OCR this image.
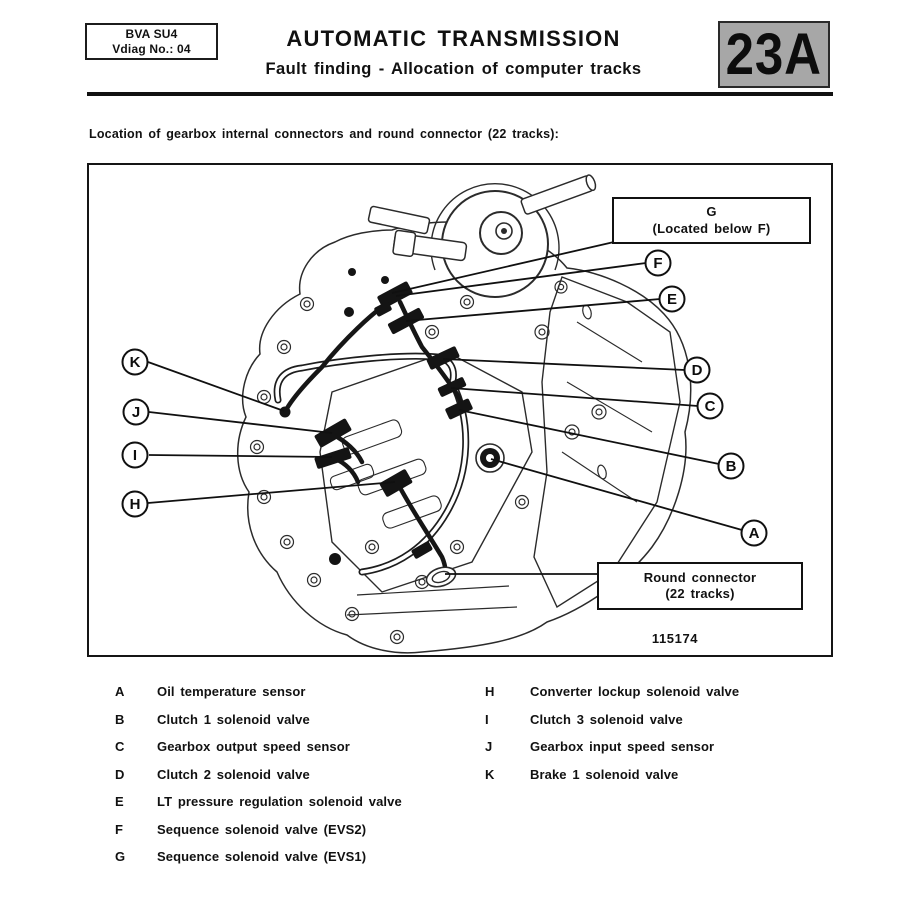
BVA SU4
Vdiag No.: 04	AUTOMATIC TRANSMISSION
Fault finding - Allocation of computer tracks	23A
Location of gearbox internal connectors and round connector (22 tracks):
F
E
D
C
B
A
K
J
I
H
G
(Located below F)
Round connector
(22 tracks)
115174
A	Oil temperature sensor
B	Clutch 1 solenoid valve
C	Gearbox output speed sensor
D	Clutch 2 solenoid valve
E	LT pressure regulation solenoid valve
F	Sequence solenoid valve (EVS2)
G	Sequence solenoid valve (EVS1)
H	Converter lockup solenoid valve
I	Clutch 3 solenoid valve
J	Gearbox input speed sensor
K	Brake 1 solenoid valve
